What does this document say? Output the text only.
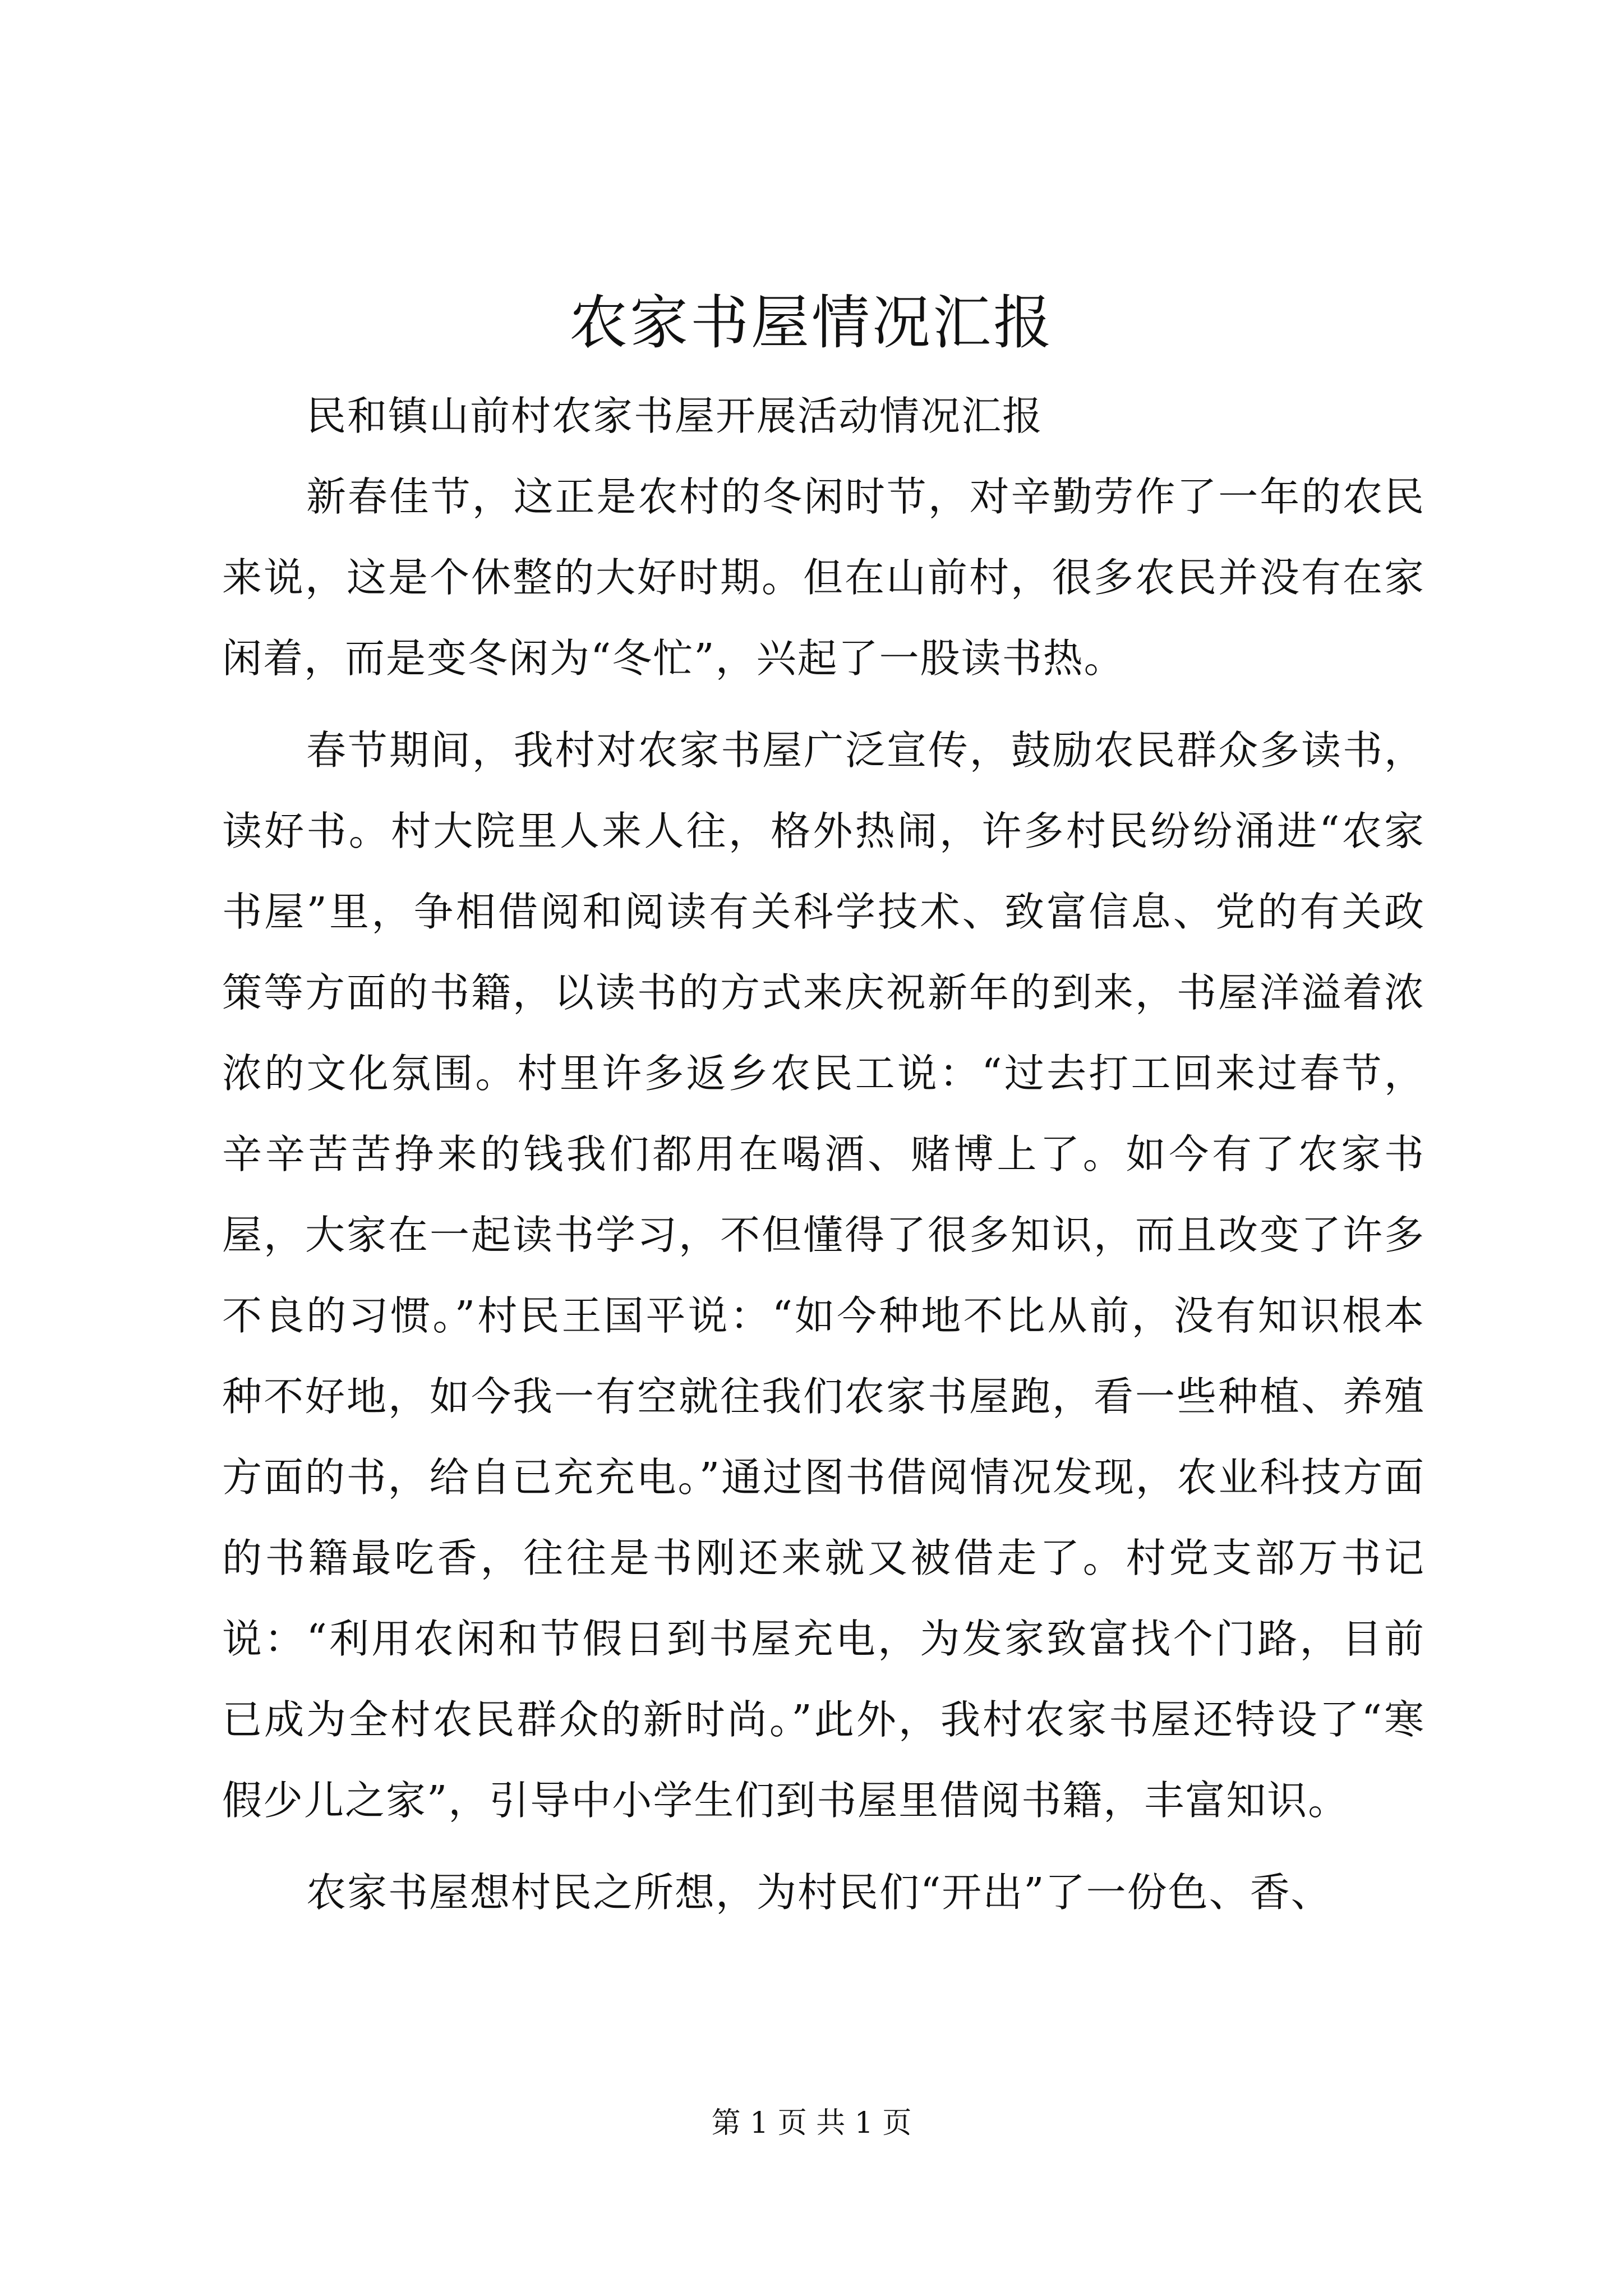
农家书屋情况汇报

民和镇山前村农家书屋开展活动情况汇报

新春佳节，这正是农村的冬闲时节，对辛勤劳作了一年的农民来说，这是个休整的大好时期。但在山前村，很多农民并没有在家闲着，而是变冬闲为“冬忙”，兴起了一股读书热。

春节期间，我村对农家书屋广泛宣传，鼓励农民群众多读书，读好书。村大院里人来人往，格外热闹，许多村民纷纷涌进“农家书屋”里，争相借阅和阅读有关科学技术、致富信息、党的有关政策等方面的书籍，以读书的方式来庆祝新年的到来，书屋洋溢着浓浓的文化氛围。村里许多返乡农民工说：“过去打工回来过春节，辛辛苦苦挣来的钱我们都用在喝酒、赌博上了。如今有了农家书屋，大家在一起读书学习，不但懂得了很多知识，而且改变了许多不良的习惯。”村民王国平说：“如今种地不比从前，没有知识根本种不好地，如今我一有空就往我们农家书屋跑，看一些种植、养殖方面的书，给自已充充电。”通过图书借阅情况发现，农业科技方面的书籍最吃香，往往是书刚还来就又被借走了。村党支部万书记说：“利用农闲和节假日到书屋充电，为发家致富找个门路，目前已成为全村农民群众的新时尚。”此外，我村农家书屋还特设了“寒假少儿之家”，引导中小学生们到书屋里借阅书籍，丰富知识。

农家书屋想村民之所想，为村民们“开出”了一份色、香、

第 1 页 共 1 页
